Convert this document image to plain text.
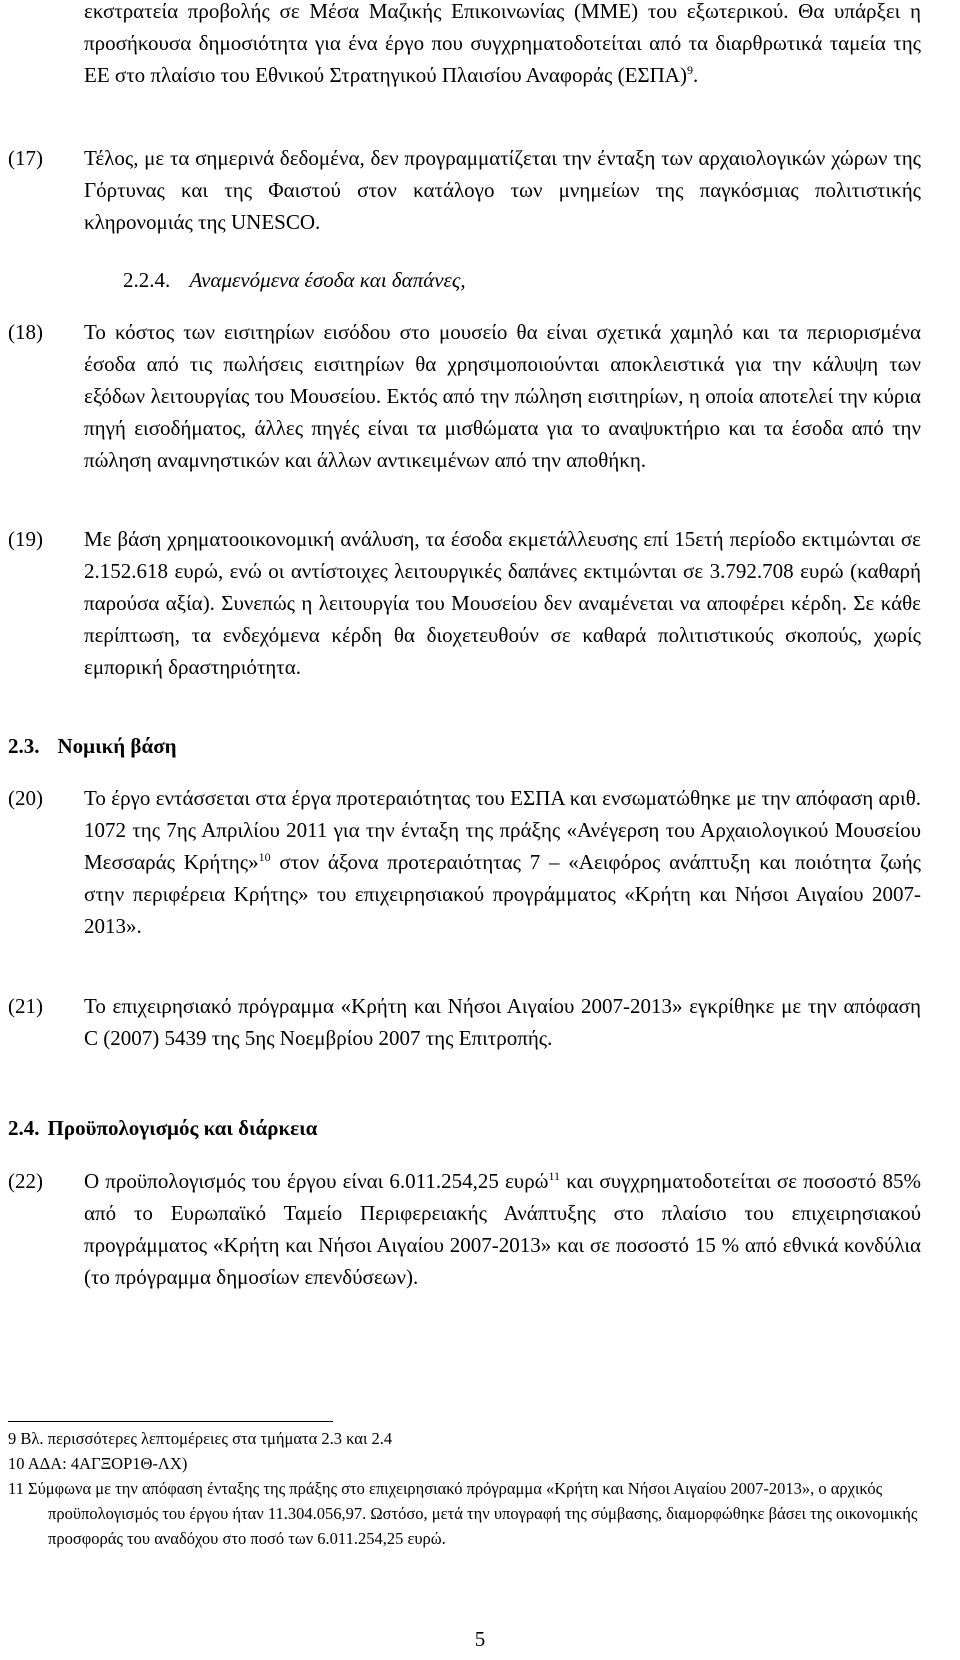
εκστρατεία προβολής σε Μέσα Μαζικής Επικοινωνίας (ΜΜΕ) του εξωτερικού. Θα υπάρξει η προσήκουσα δημοσιότητα για ένα έργο που συγχρηματοδοτείται από τα διαρθρωτικά ταμεία της ΕΕ στο πλαίσιο του Εθνικού Στρατηγικού Πλαισίου Αναφοράς $(E\Sigma\Pi A)^9$.
(17)	Τέλος, με τα σημερινά δεδομένα, δεν προγραμματίζεται την ένταξη των αρχαιολογικών χώρων της Γόρτυνας και της Φαιστού στον κατάλογο των μνημείων της παγκόσμιας πολιτιστικής κληρονομιάς της UNESCO.
2.2.4. Αναμενόμενα έσοδα και δαπάνες,
(18)	Το κόστος των εισιτηρίων εισόδου στο μουσείο θα είναι σχετικά χαμηλό και τα περιορισμένα έσοδα από τις πωλήσεις εισιτηρίων θα χρησιμοποιούνται αποκλειστικά για την κάλυψη των εξόδων λειτουργίας του Μουσείου. Εκτός από την πώληση εισιτηρίων, η οποία αποτελεί την κύρια πηγή εισοδήματος, άλλες πηγές είναι τα μισθώματα για το αναψυκτήριο και τα έσοδα από την πώληση αναμνηστικών και άλλων αντικειμένων από την αποθήκη.
(19)	Με βάση χρηματοοικονομική ανάλυση, τα έσοδα εκμετάλλευσης επί 15ετή περίοδο εκτιμώνται σε 2.152.618 ευρώ, ενώ οι αντίστοιχες λειτουργικές δαπάνες εκτιμώνται σε 3.792.708 ευρώ (καθαρή παρούσα αξία). Συνεπώς η λειτουργία του Μουσείου δεν αναμένεται να αποφέρει κέρδη. Σε κάθε περίπτωση, τα ενδεχόμενα κέρδη θα διοχετευθούν σε καθαρά πολιτιστικούς σκοπούς, χωρίς εμπορική δραστηριότητα.
2.3. Νομική βάση
(20)	Το έργο εντάσσεται στα έργα προτεραιότητας του ΕΣΠΑ και ενσωματώθηκε με την απόφαση αριθ. 1072 της 7ης Απριλίου 2011 για την ένταξη της πράξης «Ανέγερση του Αρχαιολογικού Μουσείου Μεσσαράς Κρήτης»$^{10}$ στον άξονα προτεραιότητας 7 – «Αειφόρος ανάπτυξη και ποιότητα ζωής στην περιφέρεια Κρήτης» του επιχειρησιακού προγράμματος «Κρήτη και Νήσοι Αιγαίου 2007-2013».
(21)	Το επιχειρησιακό πρόγραμμα «Κρήτη και Νήσοι Αιγαίου 2007-2013» εγκρίθηκε με την απόφαση C (2007) 5439 της 5ης Νοεμβρίου 2007 της Επιτροπής.
2.4. Προϋπολογισμός και διάρκεια
(22)	Ο προϋπολογισμός του έργου είναι 6.011.254,25 ευρώ$^{11}$ και συγχρηματοδοτείται σε ποσοστό 85% από το Ευρωπαϊκό Ταμείο Περιφερειακής Ανάπτυξης στο πλαίσιο του επιχειρησιακού προγράμματος «Κρήτη και Νήσοι Αιγαίου 2007-2013» και σε ποσοστό 15 % από εθνικά κονδύλια (το πρόγραμμα δημοσίων επενδύσεων).
9 Βλ. περισσότερες λεπτομέρειες στα τμήματα 2.3 και 2.4
10 ΑΔΑ: 4ΑΓΞΟΡ1Θ-ΛΧ)
11 Σύμφωνα με την απόφαση ένταξης της πράξης στο επιχειρησιακό πρόγραμμα «Κρήτη και Νήσοι Αιγαίου 2007-2013», ο αρχικός προϋπολογισμός του έργου ήταν 11.304.056,97. Ωστόσο, μετά την υπογραφή της σύμβασης, διαμορφώθηκε βάσει της οικονομικής προσφοράς του αναδόχου στο ποσό των 6.011.254,25 ευρώ.
5
